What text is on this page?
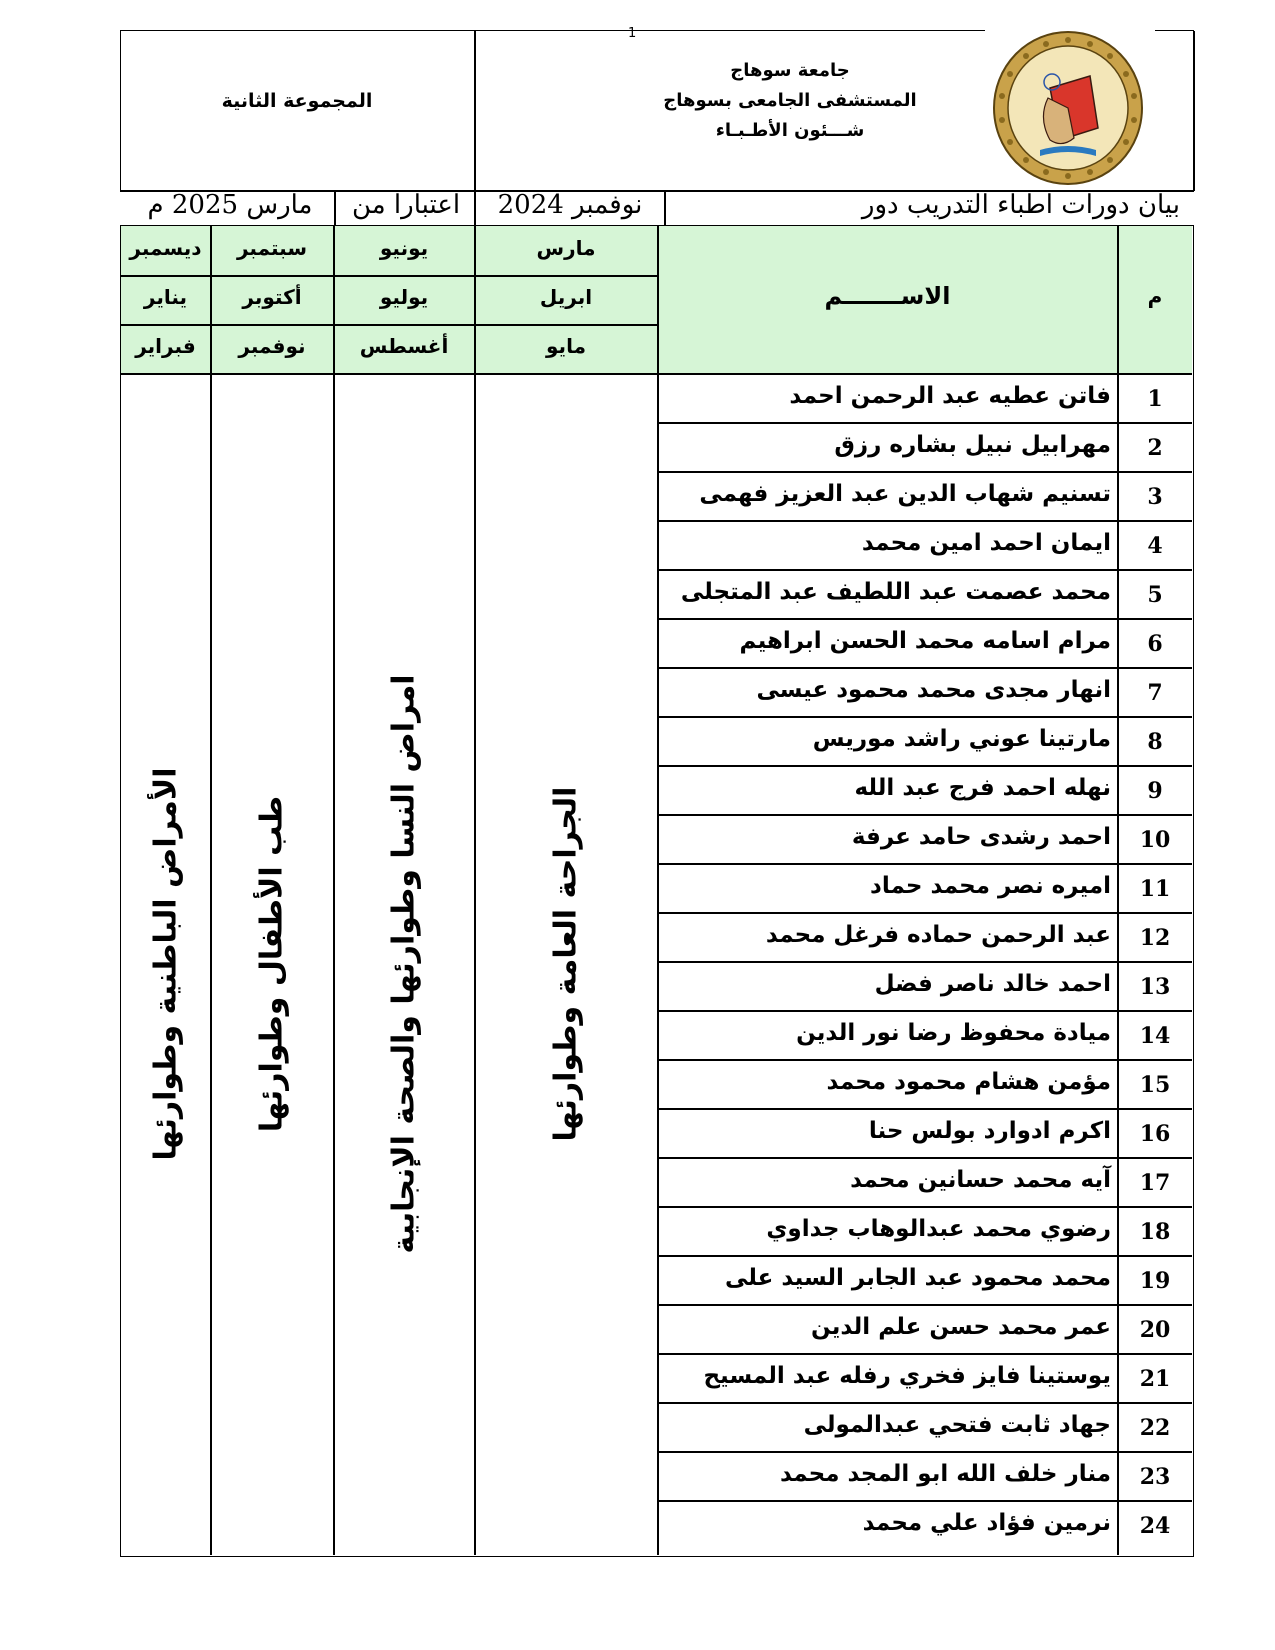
1
المجموعة الثانية
جامعة سوهاج
المستشفى الجامعى بسوهاج
شـــئون الأطـبـاء
بيان دورات اطباء التدريب دور
نوفمبر 2024
اعتبارا من
مارس 2025 م
مارس
ابريل
مايو
يونيو
يوليو
أغسطس
سبتمبر
أكتوبر
نوفمبر
ديسمبر
يناير
فبراير
الاســـــــم	م
الجراحة العامة وطوارئها
امراض النسا وطوارئها والصحة الإنجابية
طب الأطفال وطوارئها
الأمراض الباطنية وطوارئها
1
فاتن عطيه عبد الرحمن احمد
2
مهرابيل نبيل بشاره رزق
3
تسنيم شهاب الدين عبد العزيز فهمى
4
ايمان احمد امين محمد
5
محمد عصمت عبد اللطيف عبد المتجلى
6
مرام اسامه محمد الحسن ابراهيم
7
انهار مجدى محمد محمود عيسى
8
مارتينا عوني راشد موريس
9
نهله احمد فرج عبد الله
10
احمد رشدى حامد عرفة
11
اميره نصر محمد حماد
12
عبد الرحمن حماده فرغل محمد
13
احمد خالد ناصر فضل
14
ميادة محفوظ رضا نور الدين
15
مؤمن هشام محمود محمد
16
اكرم ادوارد بولس حنا
17
آيه محمد حسانين محمد
18
رضوي محمد عبدالوهاب جداوي
19
محمد محمود عبد الجابر السيد على
20
عمر محمد حسن علم الدين
21
يوستينا فايز فخري رفله عبد المسيح
22
جهاد ثابت فتحي عبدالمولى
23
منار خلف الله ابو المجد محمد
24
نرمين فؤاد علي محمد
